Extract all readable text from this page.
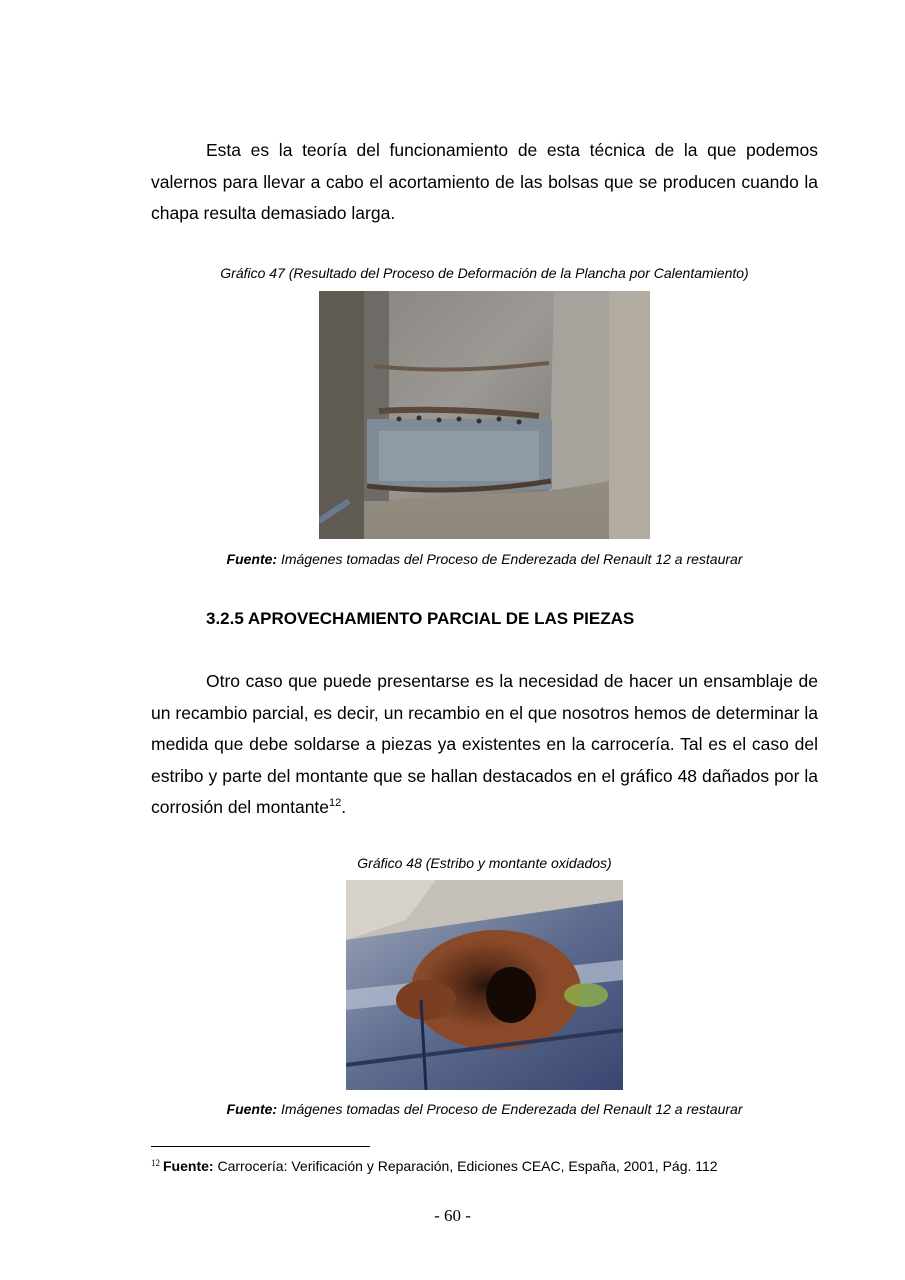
Esta es la teoría del funcionamiento de esta técnica de la que podemos valernos para llevar a cabo el acortamiento de las bolsas que se producen cuando la chapa resulta demasiado larga.
Gráfico 47 (Resultado del Proceso de Deformación de la Plancha por Calentamiento)
Fuente: Imágenes tomadas del Proceso de Enderezada del Renault 12 a restaurar
3.2.5 APROVECHAMIENTO PARCIAL DE LAS PIEZAS
Otro caso que puede presentarse es la necesidad de hacer un ensamblaje de un recambio parcial, es decir, un recambio en el que nosotros hemos de determinar la medida que debe soldarse a piezas ya existentes en la carrocería. Tal es el caso del estribo y parte del montante que se hallan destacados en el gráfico 48 dañados por la corrosión del montante$^{12}$.
Gráfico 48 (Estribo y montante oxidados)
Fuente: Imágenes tomadas del Proceso de Enderezada del Renault 12 a restaurar
$^{12}$ Fuente: Carrocería: Verificación y Reparación, Ediciones CEAC, España, 2001, Pág. 112
- 60 -
